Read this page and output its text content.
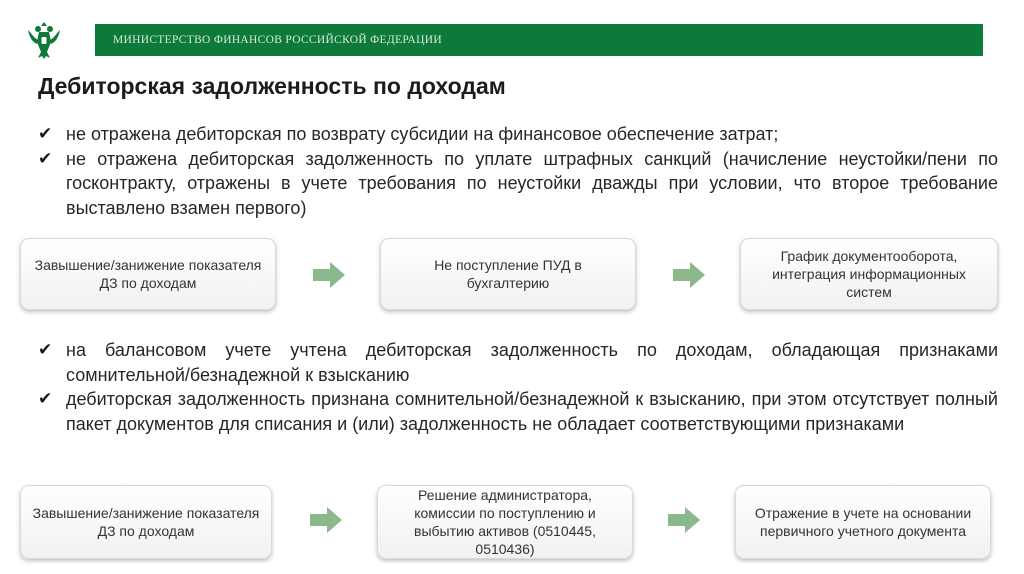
МИНИСТЕРСТВО ФИНАНСОВ РОССИЙСКОЙ ФЕДЕРАЦИИ
Дебиторская задолженность по доходам
✔ не отражена дебиторская по возврату субсидии на финансовое обеспечение затрат;
✔ не отражена дебиторская задолженность по уплате штрафных санкций (начисление неустойки/пени по госконтракту, отражены в учете требования по неустойки дважды при условии, что второе требование выставлено взамен первого)
Завышение/занижение показателя ДЗ по доходам
Не поступление ПУД в бухгалтерию
График документооборота, интеграция информационных систем
✔ на балансовом учете учтена дебиторская задолженность по доходам, обладающая признаками сомнительной/безнадежной к взысканию
✔ дебиторская задолженность признана сомнительной/безнадежной к взысканию, при этом отсутствует полный пакет документов для списания и (или) задолженность не обладает соответствующими признаками
Завышение/занижение показателя ДЗ по доходам
Решение администратора, комиссии по поступлению и выбытию активов (0510445, 0510436)
Отражение в учете на основании первичного учетного документа
